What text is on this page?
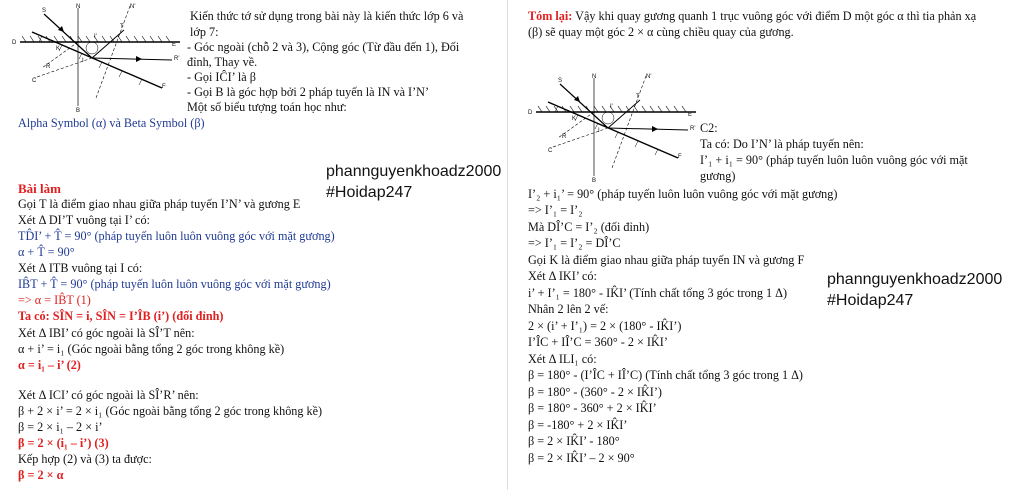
S
N	N'
T
D
I'
E
R'
K
I
F
C
R
B
Kiến thức tớ sử dụng trong bài này là kiến thức lớp 6 và
lớp 7:
- Góc ngoài (chỗ 2 và 3), Cộng góc (Từ đầu đến 1), Đối
đỉnh, Thay về.
- Gọi IĈI’ là β
- Gọi B là góc hợp bởi 2 pháp tuyến là IN và I’N’
Một số biểu tượng toán học như:
Alpha Symbol (α) và Beta Symbol (β)
phannguyenkhoadz2000
#Hoidap247
Bài làm
Gọi T là điểm giao nhau giữa pháp tuyến I’N’ và gương E
Xét Δ DI’T vuông tại I’ có:
TD̂I’ + T̂ = 90° (pháp tuyến luôn luôn vuông góc với mặt gương)
α + T̂ = 90°
Xét Δ ITB vuông tại I có:
IB̂T + T̂ = 90° (pháp tuyến luôn luôn vuông góc với mặt gương)
=> α = IB̂T (1)
Ta có: SÎN = i, SÎN = I’ÎB (i’) (đối đỉnh)
Xét Δ IBI’ có góc ngoài là SÎ’T nên:
α + i’ = i₁ (Góc ngoài bằng tổng 2 góc trong không kề)
α = i₁ – i’ (2)
Xét Δ ICI’ có góc ngoài là SÎ’R’ nên:
β + 2 × i’ = 2 × i₁ (Góc ngoài bằng tổng 2 góc trong không kề)
β = 2 × i₁ – 2 × i’
β = 2 × (i₁ – i’) (3)
Kếp hợp (2) và (3) ta được:
β = 2 × α
Tóm lại: Vậy khi quay gương quanh 1 trục vuông góc với điểm D một góc α thì tia phản xạ
(β) sẽ quay một góc 2 × α cùng chiều quay của gương.
S
N	N'
T
D
I'
E
R'
K
I
F
C
R
B
C2:
Ta có: Do I’N’ là pháp tuyến nên:
I’₁ + i₁ = 90° (pháp tuyến luôn luôn vuông góc với mặt
gương)
I’₂ + i₁’ = 90° (pháp tuyến luôn luôn vuông góc với mặt gương)
=> I’₁ = I’₂
Mà DÎ’C = I’₂ (đối đỉnh)
=> I’₁ = I’₂ = DÎ’C
Gọi K là điểm giao nhau giữa pháp tuyến IN và gương F
Xét Δ IKI’ có:
i’ + I’₁ = 180° - IK̂I’ (Tính chất tổng 3 góc trong 1 Δ)
Nhân 2 lên 2 vế:
2 × (i’ + I’₁) = 2 × (180° - IK̂I’)
I’ÎC + IÎ’C = 360° - 2 × IK̂I’
Xét Δ ILI₁ có:
β = 180° - (I’ÎC + IÎ’C) (Tính chất tổng 3 góc trong 1 Δ)
β = 180° - (360° - 2 × IK̂I’)
β = 180° - 360° + 2 × IK̂I’
β = -180° + 2 × IK̂I’
β = 2 × IK̂I’ - 180°
β = 2 × IK̂I’ – 2 × 90°
phannguyenkhoadz2000
#Hoidap247
